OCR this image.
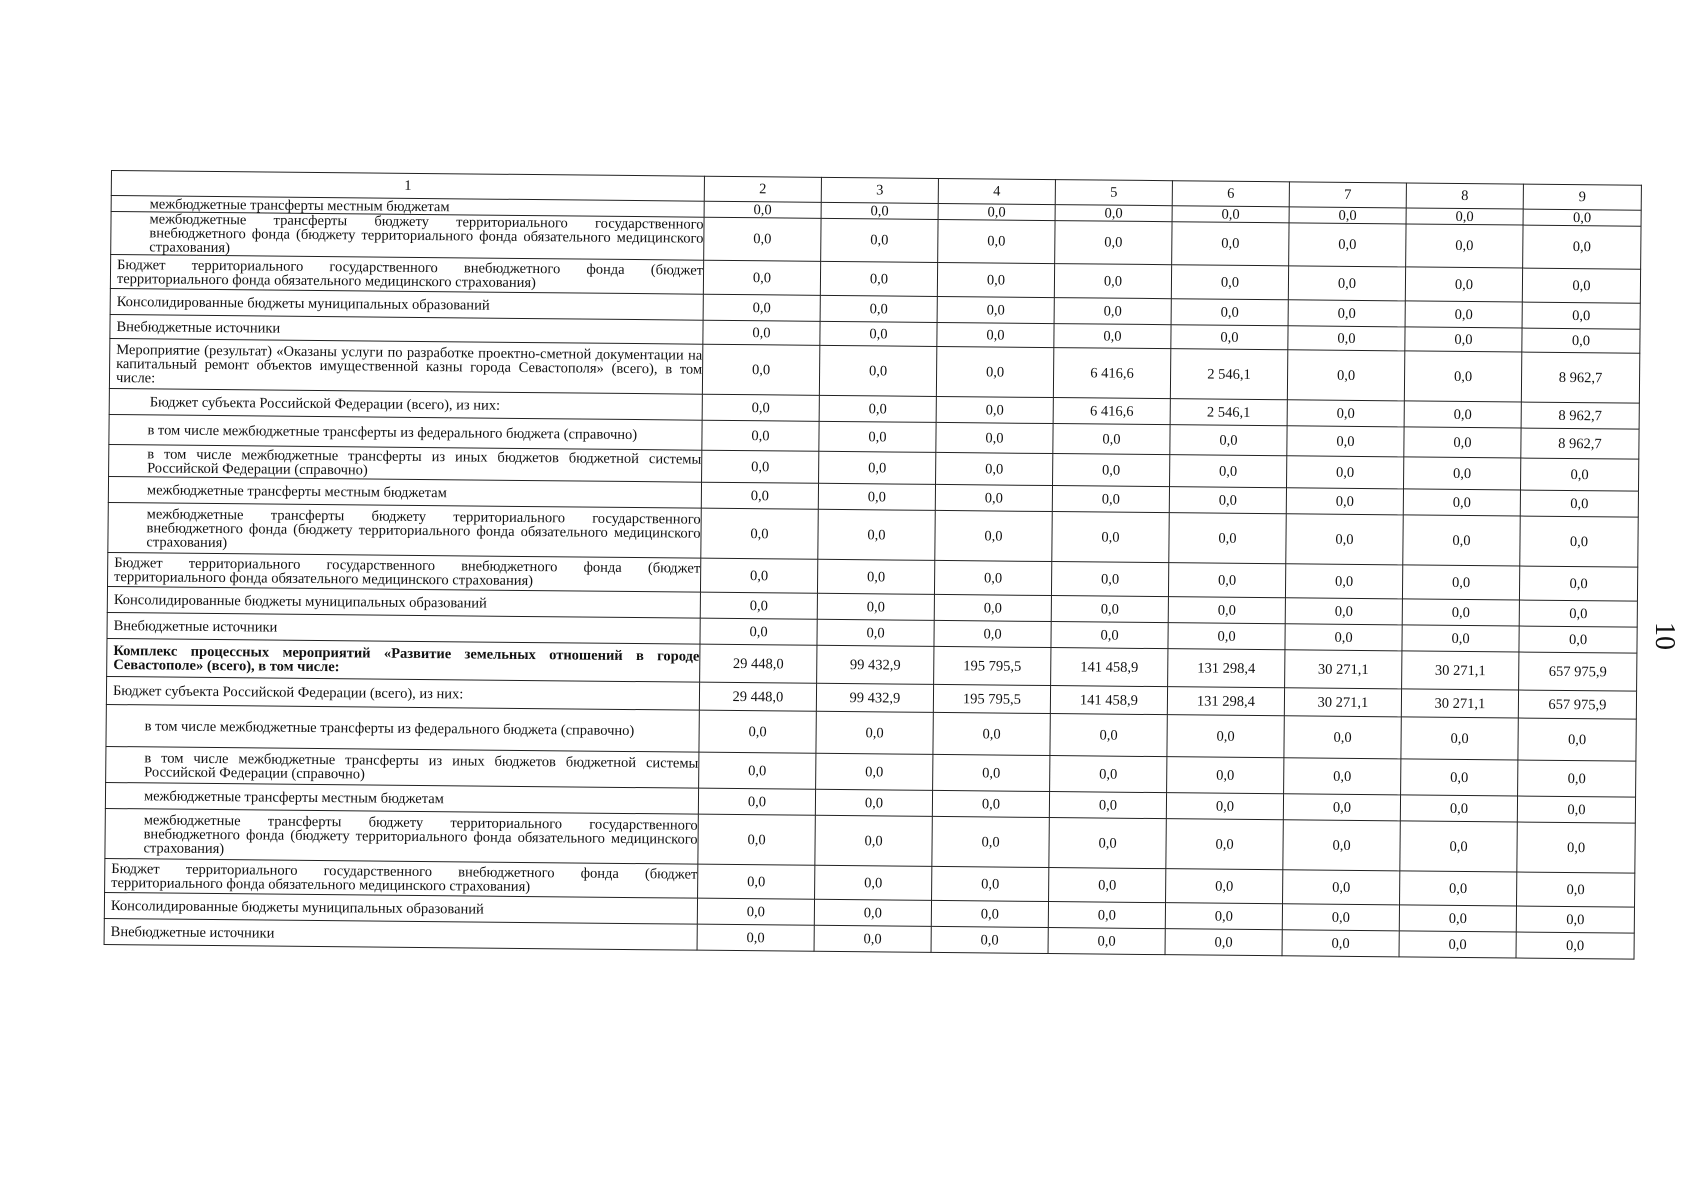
1	2	3	4	5	6	7	8	9
межбюджетные трансферты местным бюджетам	0,0	0,0	0,0	0,0	0,0	0,0	0,0	0,0
межбюджетные трансферты бюджету территориального государственного внебюджетного фонда (бюджету территориального фонда обязательного медицинского страхования)	0,0	0,0	0,0	0,0	0,0	0,0	0,0	0,0
Бюджет территориального государственного внебюджетного фонда (бюджет территориального фонда обязательного медицинского страхования)	0,0	0,0	0,0	0,0	0,0	0,0	0,0	0,0
Консолидированные бюджеты муниципальных образований	0,0	0,0	0,0	0,0	0,0	0,0	0,0	0,0
Внебюджетные источники	0,0	0,0	0,0	0,0	0,0	0,0	0,0	0,0
Мероприятие (результат) «Оказаны услуги по разработке проектно-сметной документации на капитальный ремонт объектов имущественной казны города Севастополя» (всего), в том числе:	0,0	0,0	0,0	6 416,6	2 546,1	0,0	0,0	8 962,7
Бюджет субъекта Российской Федерации (всего), из них:	0,0	0,0	0,0	6 416,6	2 546,1	0,0	0,0	8 962,7
в том числе межбюджетные трансферты из федерального бюджета (справочно)	0,0	0,0	0,0	0,0	0,0	0,0	0,0	8 962,7
в том числе межбюджетные трансферты из иных бюджетов бюджетной системы Российской Федерации (справочно)	0,0	0,0	0,0	0,0	0,0	0,0	0,0	0,0
межбюджетные трансферты местным бюджетам	0,0	0,0	0,0	0,0	0,0	0,0	0,0	0,0
межбюджетные трансферты бюджету территориального государственного внебюджетного фонда (бюджету территориального фонда обязательного медицинского страхования)	0,0	0,0	0,0	0,0	0,0	0,0	0,0	0,0
Бюджет территориального государственного внебюджетного фонда (бюджет территориального фонда обязательного медицинского страхования)	0,0	0,0	0,0	0,0	0,0	0,0	0,0	0,0
Консолидированные бюджеты муниципальных образований	0,0	0,0	0,0	0,0	0,0	0,0	0,0	0,0
Внебюджетные источники	0,0	0,0	0,0	0,0	0,0	0,0	0,0	0,0
Комплекс процессных мероприятий «Развитие земельных отношений в городе Севастополе» (всего), в том числе:	29 448,0	99 432,9	195 795,5	141 458,9	131 298,4	30 271,1	30 271,1	657 975,9
Бюджет субъекта Российской Федерации (всего), из них:	29 448,0	99 432,9	195 795,5	141 458,9	131 298,4	30 271,1	30 271,1	657 975,9
в том числе межбюджетные трансферты из федерального бюджета (справочно)	0,0	0,0	0,0	0,0	0,0	0,0	0,0	0,0
в том числе межбюджетные трансферты из иных бюджетов бюджетной системы Российской Федерации (справочно)	0,0	0,0	0,0	0,0	0,0	0,0	0,0	0,0
межбюджетные трансферты местным бюджетам	0,0	0,0	0,0	0,0	0,0	0,0	0,0	0,0
межбюджетные трансферты бюджету территориального государственного внебюджетного фонда (бюджету территориального фонда обязательного медицинского страхования)	0,0	0,0	0,0	0,0	0,0	0,0	0,0	0,0
Бюджет территориального государственного внебюджетного фонда (бюджет территориального фонда обязательного медицинского страхования)	0,0	0,0	0,0	0,0	0,0	0,0	0,0	0,0
Консолидированные бюджеты муниципальных образований	0,0	0,0	0,0	0,0	0,0	0,0	0,0	0,0
Внебюджетные источники	0,0	0,0	0,0	0,0	0,0	0,0	0,0	0,0
10
